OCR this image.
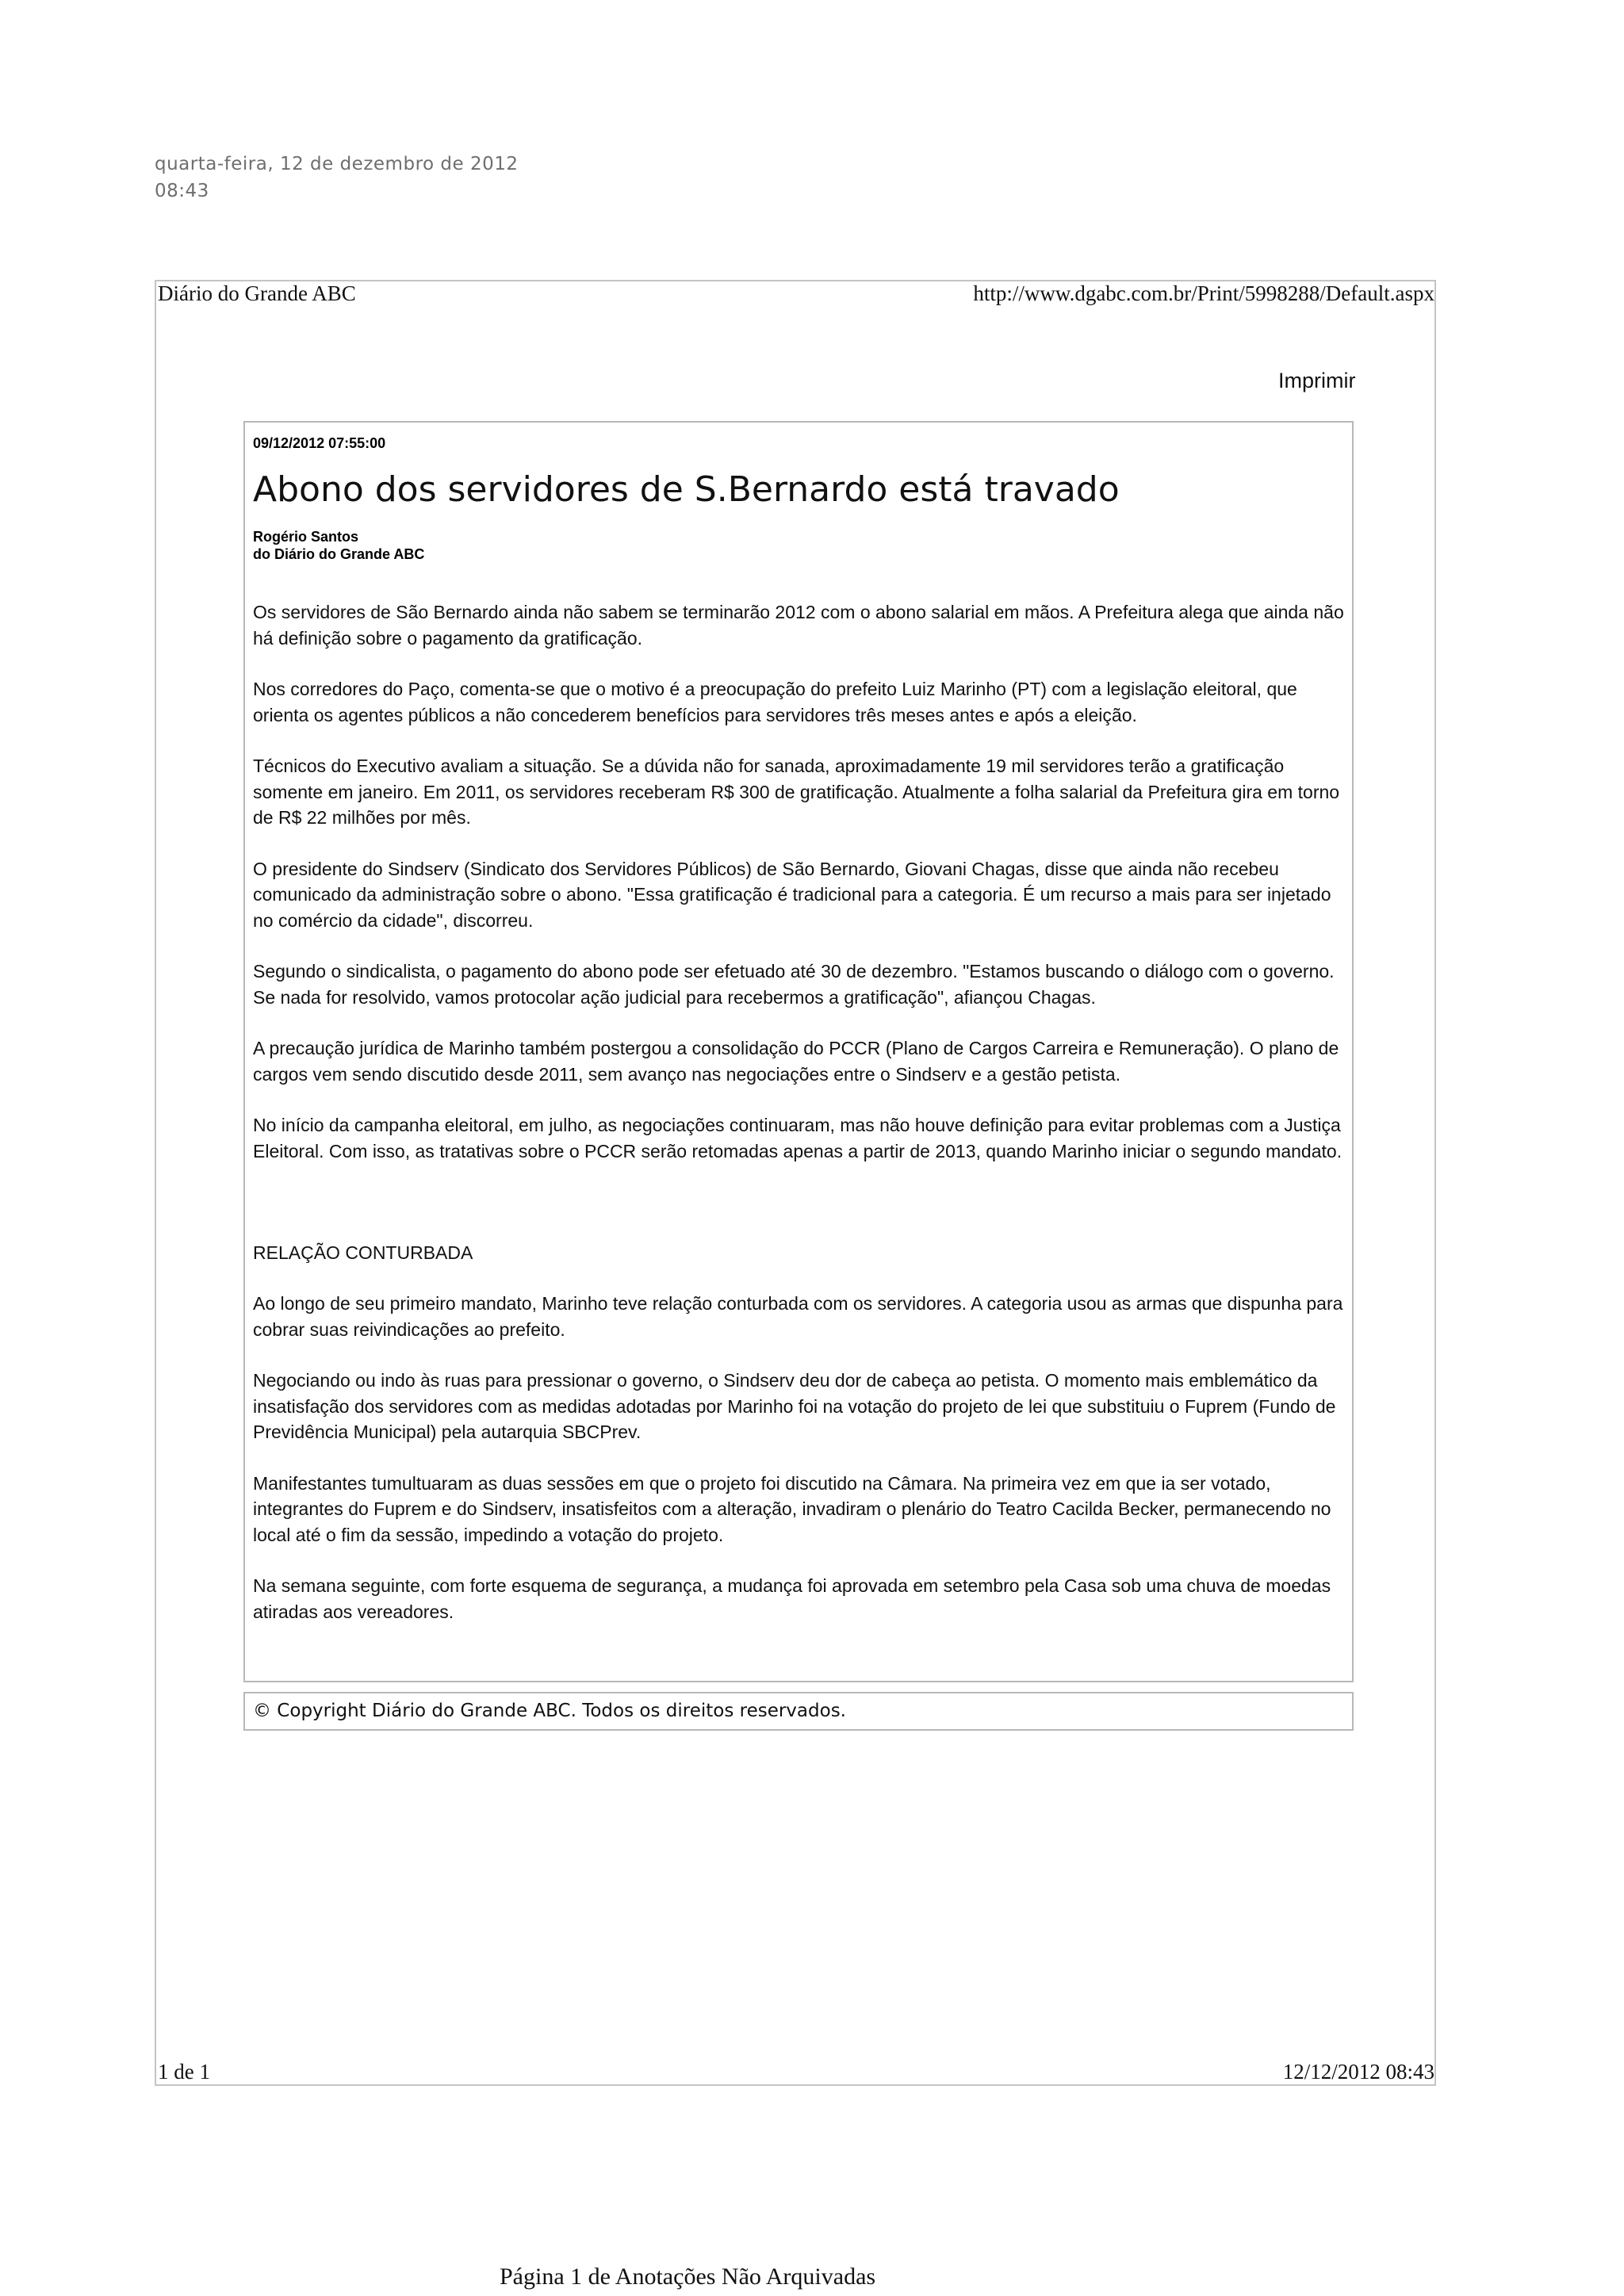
quarta-feira, 12 de dezembro de 2012
08:43
Diário do Grande ABC	http://www.dgabc.com.br/Print/5998288/Default.aspx
Imprimir
09/12/2012 07:55:00
Abono dos servidores de S.Bernardo está travado
Rogério Santos
do Diário do Grande ABC

Os servidores de São Bernardo ainda não sabem se terminarão 2012 com o abono salarial em mãos. A Prefeitura alega que ainda não há definição sobre o pagamento da gratificação.

Nos corredores do Paço, comenta-se que o motivo é a preocupação do prefeito Luiz Marinho (PT) com a legislação eleitoral, que orienta os agentes públicos a não concederem benefícios para servidores três meses antes e após a eleição.

Técnicos do Executivo avaliam a situação. Se a dúvida não for sanada, aproximadamente 19 mil servidores terão a gratificação somente em janeiro. Em 2011, os servidores receberam R$ 300 de gratificação. Atualmente a folha salarial da Prefeitura gira em torno de R$ 22 milhões por mês.

O presidente do Sindserv (Sindicato dos Servidores Públicos) de São Bernardo, Giovani Chagas, disse que ainda não recebeu comunicado da administração sobre o abono. "Essa gratificação é tradicional para a categoria. É um recurso a mais para ser injetado no comércio da cidade", discorreu.

Segundo o sindicalista, o pagamento do abono pode ser efetuado até 30 de dezembro. "Estamos buscando o diálogo com o governo. Se nada for resolvido, vamos protocolar ação judicial para recebermos a gratificação", afiançou Chagas.

A precaução jurídica de Marinho também postergou a consolidação do PCCR (Plano de Cargos Carreira e Remuneração). O plano de cargos vem sendo discutido desde 2011, sem avanço nas negociações entre o Sindserv e a gestão petista.

No início da campanha eleitoral, em julho, as negociações continuaram, mas não houve definição para evitar problemas com a Justiça Eleitoral. Com isso, as tratativas sobre o PCCR serão retomadas apenas a partir de 2013, quando Marinho iniciar o segundo mandato.

RELAÇÃO CONTURBADA

Ao longo de seu primeiro mandato, Marinho teve relação conturbada com os servidores. A categoria usou as armas que dispunha para cobrar suas reivindicações ao prefeito.

Negociando ou indo às ruas para pressionar o governo, o Sindserv deu dor de cabeça ao petista. O momento mais emblemático da insatisfação dos servidores com as medidas adotadas por Marinho foi na votação do projeto de lei que substituiu o Fuprem (Fundo de Previdência Municipal) pela autarquia SBCPrev.

Manifestantes tumultuaram as duas sessões em que o projeto foi discutido na Câmara. Na primeira vez em que ia ser votado, integrantes do Fuprem e do Sindserv, insatisfeitos com a alteração, invadiram o plenário do Teatro Cacilda Becker, permanecendo no local até o fim da sessão, impedindo a votação do projeto.

Na semana seguinte, com forte esquema de segurança, a mudança foi aprovada em setembro pela Casa sob uma chuva de moedas atiradas aos vereadores.

© Copyright Diário do Grande ABC. Todos os direitos reservados.
1 de 1	12/12/2012 08:43
Página 1 de Anotações Não Arquivadas
